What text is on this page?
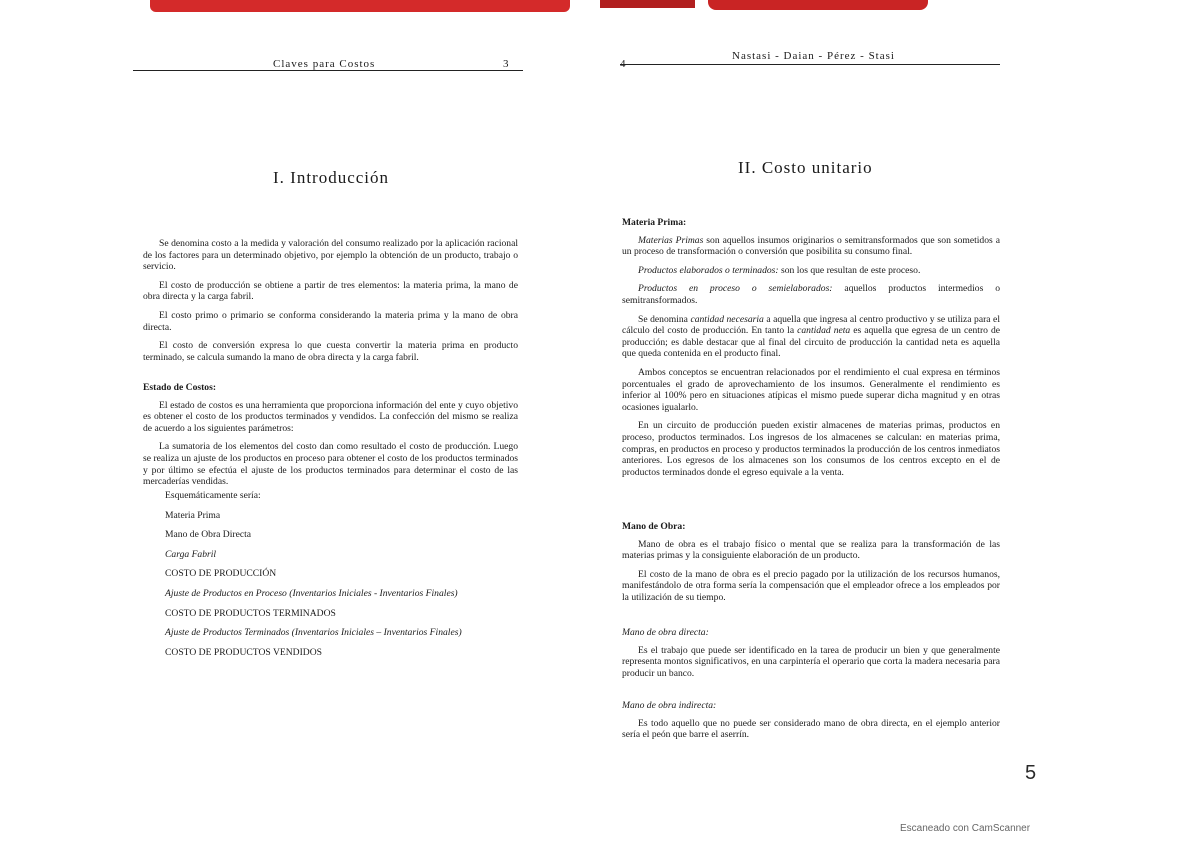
Claves para Costos	3
I. Introducción

Se denomina costo a la medida y valoración del consumo realizado por la aplicación racional de los factores para un determinado objetivo, por ejemplo la obtención de un producto, trabajo o servicio.

El costo de producción se obtiene a partir de tres elementos: la materia prima, la mano de obra directa y la carga fabril.

El costo primo o primario se conforma considerando la materia prima y la mano de obra directa.

El costo de conversión expresa lo que cuesta convertir la materia prima en producto terminado, se calcula sumando la mano de obra directa y la carga fabril.

Estado de Costos:

El estado de costos es una herramienta que proporciona información del ente y cuyo objetivo es obtener el costo de los productos terminados y vendidos. La confección del mismo se realiza de acuerdo a los siguientes parámetros:

La sumatoria de los elementos del costo dan como resultado el costo de producción. Luego se realiza un ajuste de los productos en proceso para obtener el costo de los productos terminados y por último se efectúa el ajuste de los productos terminados para determinar el costo de las mercaderías vendidas.

Esquemáticamente sería:
Materia Prima
Mano de Obra Directa
Carga Fabril
COSTO DE PRODUCCIÓN
Ajuste de Productos en Proceso (Inventarios Iniciales - Inventarios Finales)
COSTO DE PRODUCTOS TERMINADOS
Ajuste de Productos Terminados (Inventarios Iniciales – Inventarios Finales)
COSTO DE PRODUCTOS VENDIDOS
4
Nastasi - Daian - Pérez - Stasi
II. Costo unitario
Materia Prima:

Materias Primas son aquellos insumos originarios o semitransformados que son sometidos a un proceso de transformación o conversión que posibilita su consumo final.

Productos elaborados o terminados: son los que resultan de este proceso.

Productos en proceso o semielaborados: aquellos productos intermedios o semitransformados.

Se denomina cantidad necesaria a aquella que ingresa al centro productivo y se utiliza para el cálculo del costo de producción. En tanto la cantidad neta es aquella que egresa de un centro de producción; es dable destacar que al final del circuito de producción la cantidad neta es aquella que queda contenida en el producto final.

Ambos conceptos se encuentran relacionados por el rendimiento el cual expresa en términos porcentuales el grado de aprovechamiento de los insumos. Generalmente el rendimiento es inferior al 100% pero en situaciones atípicas el mismo puede superar dicha magnitud y en otras ocasiones igualarlo.

En un circuito de producción pueden existir almacenes de materias primas, productos en proceso, productos terminados. Los ingresos de los almacenes se calculan: en materias prima, compras, en productos en proceso y productos terminados la producción de los centros inmediatos anteriores. Los egresos de los almacenes son los consumos de los centros excepto en el de productos terminados donde el egreso equivale a la venta.

Mano de Obra:

Mano de obra es el trabajo físico o mental que se realiza para la transformación de las materias primas y la consiguiente elaboración de un producto.

El costo de la mano de obra es el precio pagado por la utilización de los recursos humanos, manifestándolo de otra forma sería la compensación que el empleador ofrece a los empleados por la utilización de su tiempo.

Mano de obra directa:

Es el trabajo que puede ser identificado en la tarea de producir un bien y que generalmente representa montos significativos, en una carpintería el operario que corta la madera necesaria para producir un banco.

Mano de obra indirecta:

Es todo aquello que no puede ser considerado mano de obra directa, en el ejemplo anterior sería el peón que barre el aserrín.

5
Escaneado con CamScanner
